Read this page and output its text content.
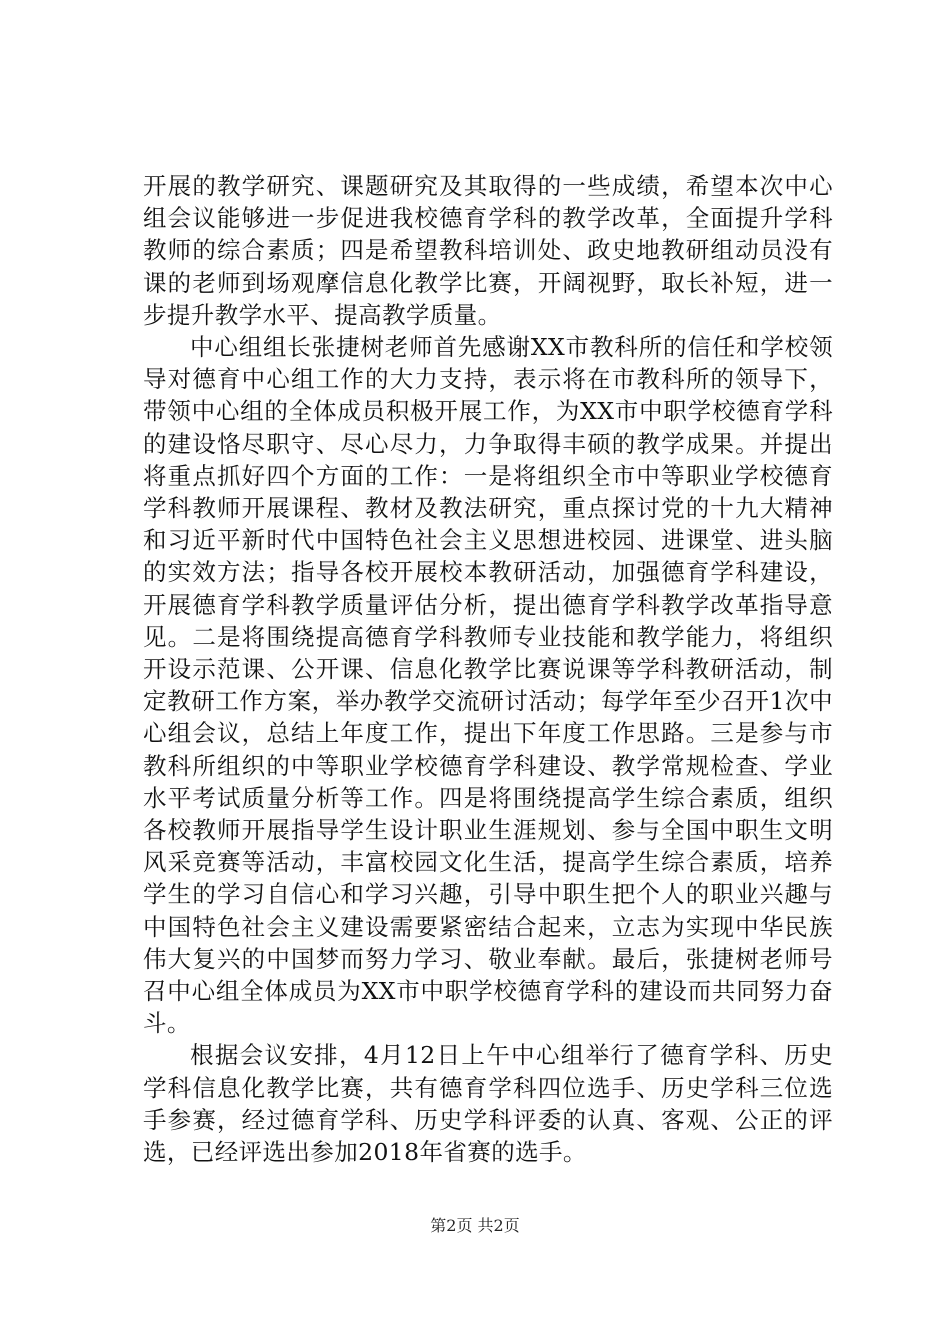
开展的教学研究、课题研究及其取得的一些成绩，希望本次中心组会议能够进一步促进我校德育学科的教学改革，全面提升学科教师的综合素质；四是希望教科培训处、政史地教研组动员没有课的老师到场观摩信息化教学比赛，开阔视野，取长补短，进一步提升教学水平、提高教学质量。

中心组组长张捷树老师首先感谢XX市教科所的信任和学校领导对德育中心组工作的大力支持，表示将在市教科所的领导下，带领中心组的全体成员积极开展工作，为XX市中职学校德育学科的建设恪尽职守、尽心尽力，力争取得丰硕的教学成果。并提出将重点抓好四个方面的工作：一是将组织全市中等职业学校德育学科教师开展课程、教材及教法研究，重点探讨党的十九大精神和习近平新时代中国特色社会主义思想进校园、进课堂、进头脑的实效方法；指导各校开展校本教研活动，加强德育学科建设，开展德育学科教学质量评估分析，提出德育学科教学改革指导意见。二是将围绕提高德育学科教师专业技能和教学能力，将组织开设示范课、公开课、信息化教学比赛说课等学科教研活动，制定教研工作方案，举办教学交流研讨活动；每学年至少召开1次中心组会议，总结上年度工作，提出下年度工作思路。三是参与市教科所组织的中等职业学校德育学科建设、教学常规检查、学业水平考试质量分析等工作。四是将围绕提高学生综合素质，组织各校教师开展指导学生设计职业生涯规划、参与全国中职生文明风采竞赛等活动，丰富校园文化生活，提高学生综合素质，培养学生的学习自信心和学习兴趣，引导中职生把个人的职业兴趣与中国特色社会主义建设需要紧密结合起来，立志为实现中华民族伟大复兴的中国梦而努力学习、敬业奉献。最后，张捷树老师号召中心组全体成员为XX市中职学校德育学科的建设而共同努力奋斗。

根据会议安排，4月12日上午中心组举行了德育学科、历史学科信息化教学比赛，共有德育学科四位选手、历史学科三位选手参赛，经过德育学科、历史学科评委的认真、客观、公正的评选，已经评选出参加2018年省赛的选手。

第2页 共2页
